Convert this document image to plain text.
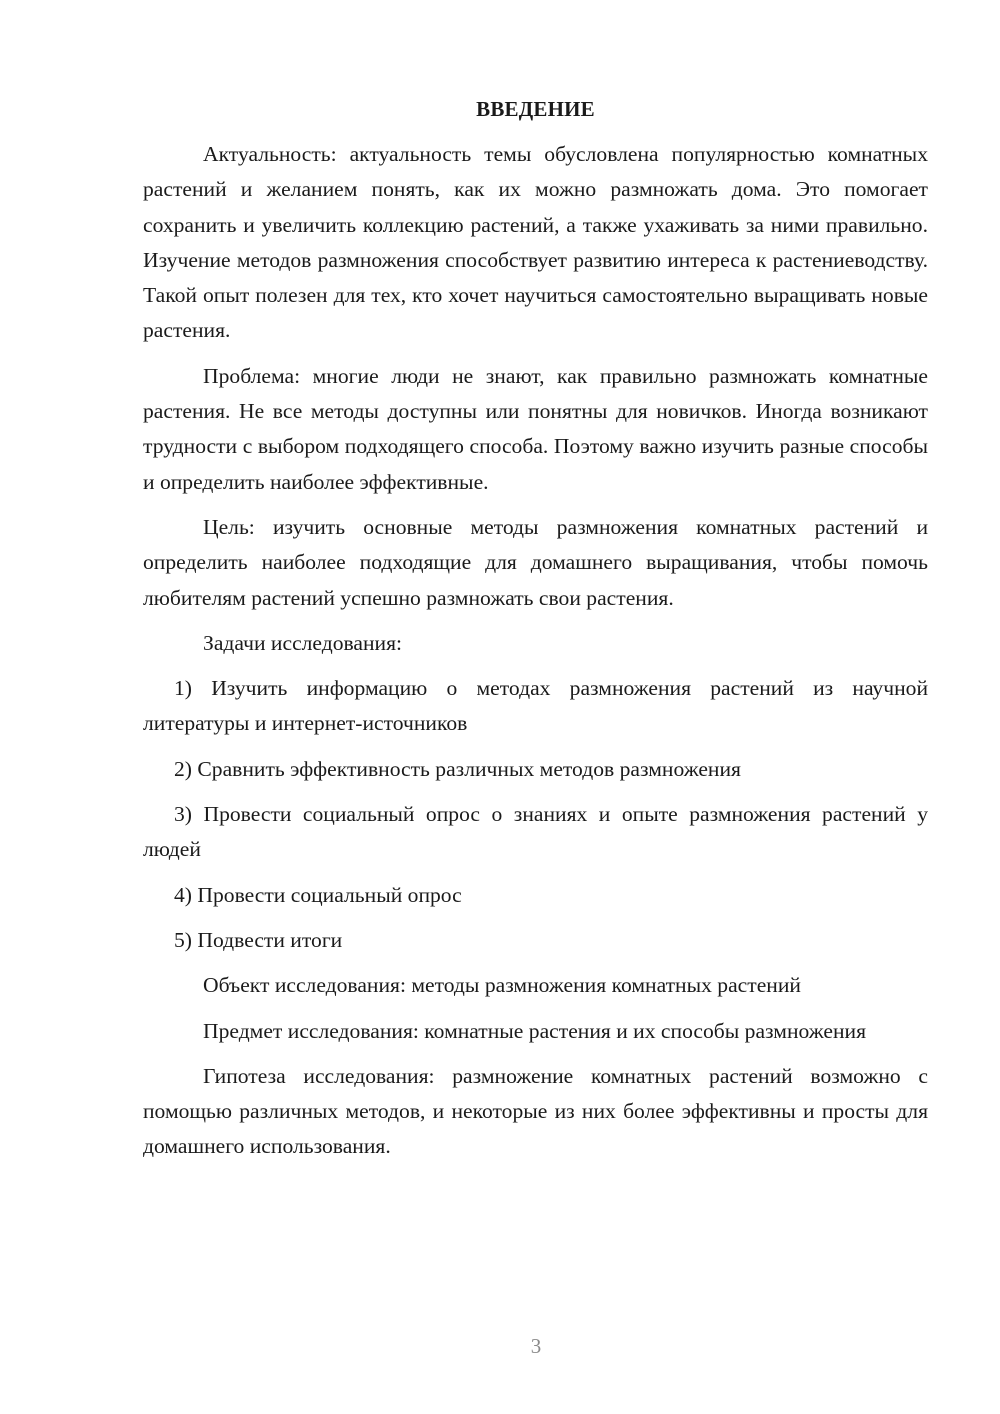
ВВЕДЕНИЕ

Актуальность: актуальность темы обусловлена популярностью комнатных растений и желанием понять, как их можно размножать дома. Это помогает сохранить и увеличить коллекцию растений, а также ухаживать за ними правильно. Изучение методов размножения способствует развитию интереса к растениеводству. Такой опыт полезен для тех, кто хочет научиться самостоятельно выращивать новые растения.

Проблема: многие люди не знают, как правильно размножать комнатные растения. Не все методы доступны или понятны для новичков. Иногда возникают трудности с выбором подходящего способа. Поэтому важно изучить разные способы и определить наиболее эффективные.

Цель: изучить основные методы размножения комнатных растений и определить наиболее подходящие для домашнего выращивания, чтобы помочь любителям растений успешно размножать свои растения.

Задачи исследования:

1) Изучить информацию о методах размножения растений из научной литературы и интернет-источников

2) Сравнить эффективность различных методов размножения

3) Провести социальный опрос о знаниях и опыте размножения растений у людей

4) Провести социальный опрос

5) Подвести итоги

Объект исследования: методы размножения комнатных растений

Предмет исследования: комнатные растения и их способы размножения

Гипотеза исследования: размножение комнатных растений возможно с помощью различных методов, и некоторые из них более эффективны и просты для домашнего использования.

3
